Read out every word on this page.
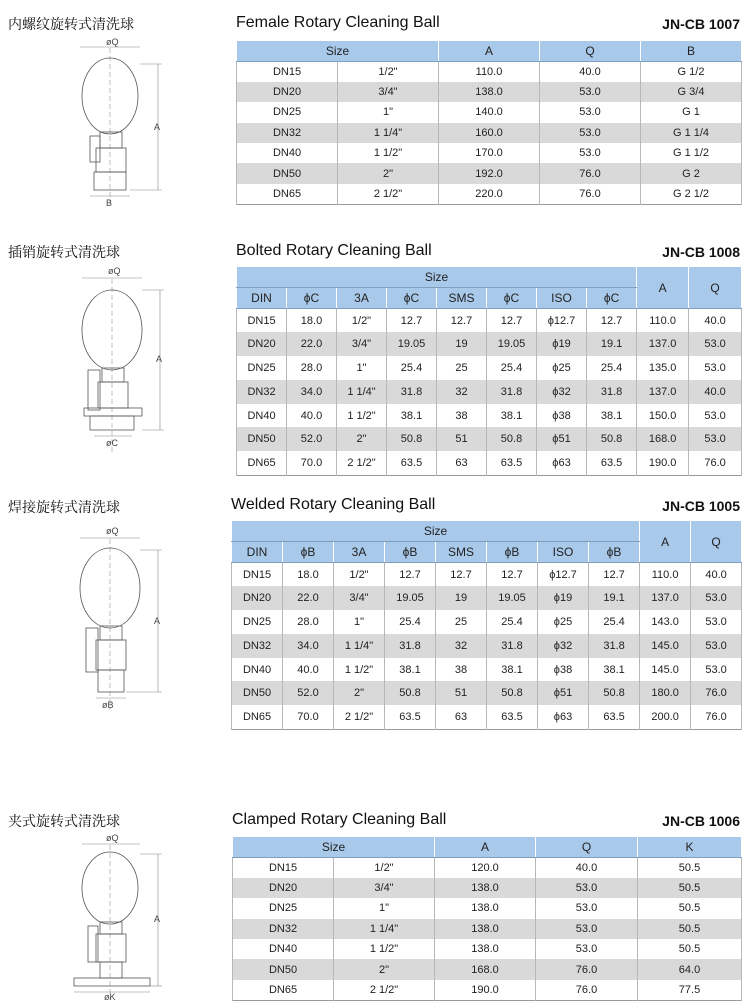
内螺纹旋转式清洗球	Female Rotary Cleaning Ball	JN-CB 1007
øQ
A
B
Size		A	Q	B
DN15	1/2"	110.0	40.0	G 1/2
DN20	3/4"	138.0	53.0	G 3/4
DN25	1"	140.0	53.0	G 1
DN32	1 1/4"	160.0	53.0	G 1 1/4
DN40	1 1/2"	170.0	53.0	G 1 1/2
DN50	2"	192.0	76.0	G 2
DN65	2 1/2"	220.0	76.0	G 2 1/2
插销旋转式清洗球	Bolted Rotary Cleaning Ball	JN-CB 1008
øQ
A
øC
Size								A	Q
DIN	ϕC	3A	ϕC	SMS	ϕC	ISO	ϕC		
DN15	18.0	1/2"	12.7	12.7	12.7	ϕ12.7	12.7	110.0	40.0
DN20	22.0	3/4"	19.05	19	19.05	ϕ19	19.1	137.0	53.0
DN25	28.0	1"	25.4	25	25.4	ϕ25	25.4	135.0	53.0
DN32	34.0	1 1/4"	31.8	32	31.8	ϕ32	31.8	137.0	40.0
DN40	40.0	1 1/2"	38.1	38	38.1	ϕ38	38.1	150.0	53.0
DN50	52.0	2"	50.8	51	50.8	ϕ51	50.8	168.0	53.0
DN65	70.0	2 1/2"	63.5	63	63.5	ϕ63	63.5	190.0	76.0
焊接旋转式清洗球	Welded Rotary Cleaning Ball	JN-CB 1005
øQ
A
øB
Size								A	Q
DIN	ϕB	3A	ϕB	SMS	ϕB	ISO	ϕB		
DN15	18.0	1/2"	12.7	12.7	12.7	ϕ12.7	12.7	110.0	40.0
DN20	22.0	3/4"	19.05	19	19.05	ϕ19	19.1	137.0	53.0
DN25	28.0	1"	25.4	25	25.4	ϕ25	25.4	143.0	53.0
DN32	34.0	1 1/4"	31.8	32	31.8	ϕ32	31.8	145.0	53.0
DN40	40.0	1 1/2"	38.1	38	38.1	ϕ38	38.1	145.0	53.0
DN50	52.0	2"	50.8	51	50.8	ϕ51	50.8	180.0	76.0
DN65	70.0	2 1/2"	63.5	63	63.5	ϕ63	63.5	200.0	76.0
夹式旋转式清洗球	Clamped Rotary Cleaning Ball	JN-CB 1006
øQ
A
øK
Size		A	Q	K
DN15	1/2"	120.0	40.0	50.5
DN20	3/4"	138.0	53.0	50.5
DN25	1"	138.0	53.0	50.5
DN32	1 1/4"	138.0	53.0	50.5
DN40	1 1/2"	138.0	53.0	50.5
DN50	2"	168.0	76.0	64.0
DN65	2 1/2"	190.0	76.0	77.5
